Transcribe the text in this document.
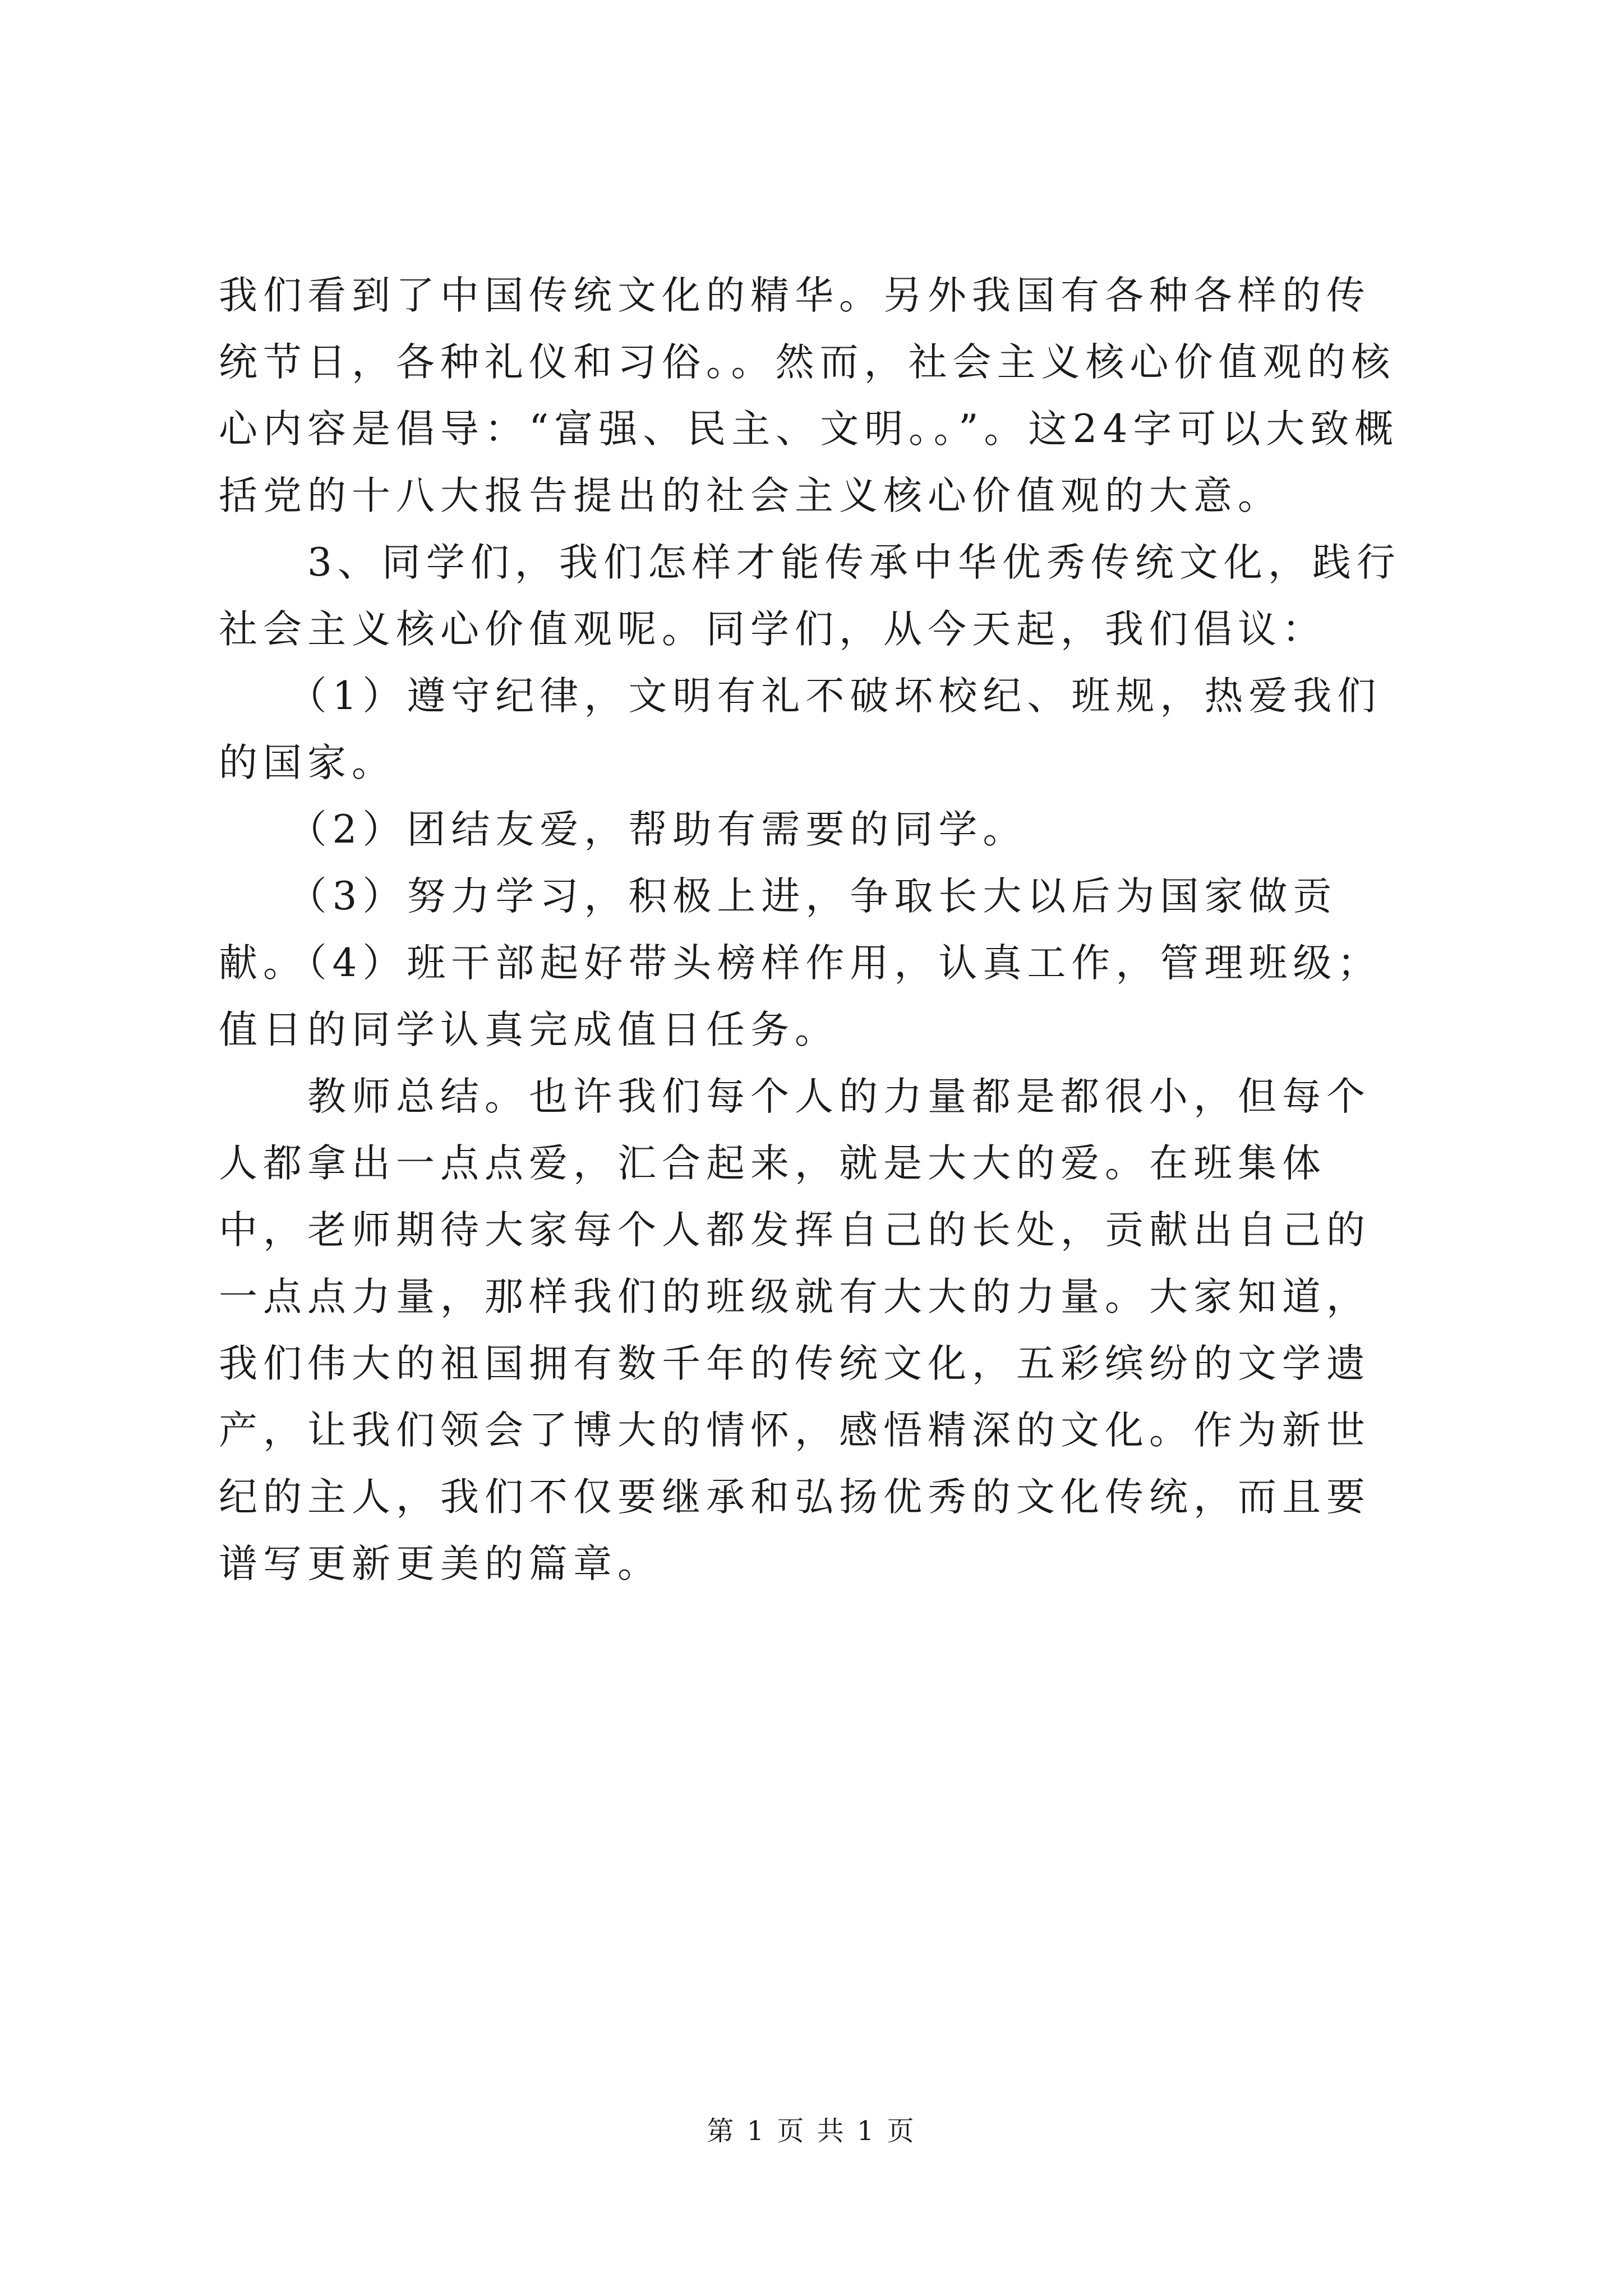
我们看到了中国传统文化的精华。另外我国有各种各样的传统节日，各种礼仪和习俗。。然而，社会主义核心价值观的核心内容是倡导：“富强、民主、文明。。”。这24字可以大致概括党的十八大报告提出的社会主义核心价值观的大意。

　　3、同学们，我们怎样才能传承中华优秀传统文化，践行社会主义核心价值观呢。同学们，从今天起，我们倡议：

　　（1）遵守纪律，文明有礼不破坏校纪、班规，热爱我们的国家。

　　（2）团结友爱，帮助有需要的同学。

　　（3）努力学习，积极上进，争取长大以后为国家做贡献。（4）班干部起好带头榜样作用，认真工作，管理班级；值日的同学认真完成值日任务。

　　教师总结。也许我们每个人的力量都是都很小，但每个人都拿出一点点爱，汇合起来，就是大大的爱。在班集体中，老师期待大家每个人都发挥自己的长处，贡献出自己的一点点力量，那样我们的班级就有大大的力量。大家知道，我们伟大的祖国拥有数千年的传统文化，五彩缤纷的文学遗产，让我们领会了博大的情怀，感悟精深的文化。作为新世纪的主人，我们不仅要继承和弘扬优秀的文化传统，而且要谱写更新更美的篇章。

第 1 页 共 1 页
